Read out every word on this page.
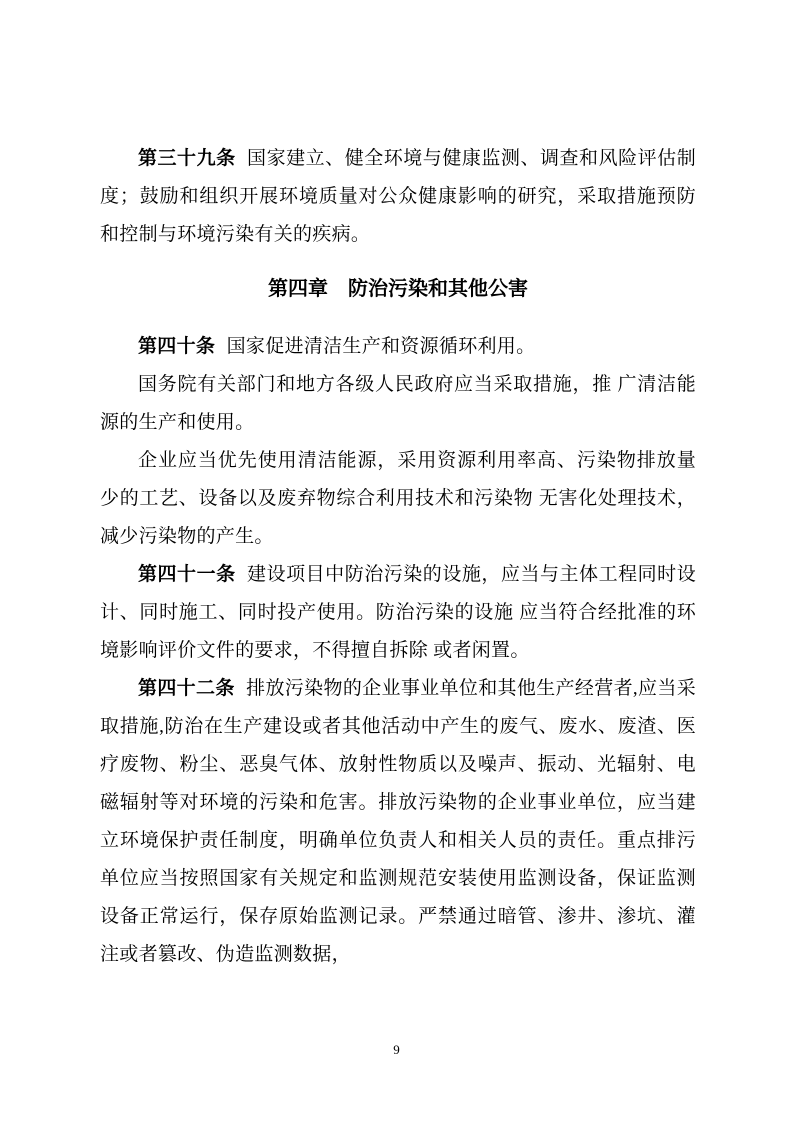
第三十九条 国家建立、健全环境与健康监测、调查和风险评估制度；鼓励和组织开展环境质量对公众健康影响的研究，采取措施预防和控制与环境污染有关的疾病。

第四章　防治污染和其他公害

第四十条 国家促进清洁生产和资源循环利用。

国务院有关部门和地方各级人民政府应当采取措施，推 广清洁能源的生产和使用。

企业应当优先使用清洁能源，采用资源利用率高、污染物排放量少的工艺、设备以及废弃物综合利用技术和污染物 无害化处理技术，减少污染物的产生。

第四十一条 建设项目中防治污染的设施，应当与主体工程同时设计、同时施工、同时投产使用。防治污染的设施 应当符合经批准的环境影响评价文件的要求，不得擅自拆除 或者闲置。

第四十二条 排放污染物的企业事业单位和其他生产经营者,应当采取措施,防治在生产建设或者其他活动中产生的废气、废水、废渣、医疗废物、粉尘、恶臭气体、放射性物质以及噪声、振动、光辐射、电磁辐射等对环境的污染和危害。排放污染物的企业事业单位，应当建立环境保护责任制度，明确单位负责人和相关人员的责任。重点排污单位应当按照国家有关规定和监测规范安装使用监测设备，保证监测设备正常运行，保存原始监测记录。严禁通过暗管、渗井、渗坑、灌注或者篡改、伪造监测数据，

9
